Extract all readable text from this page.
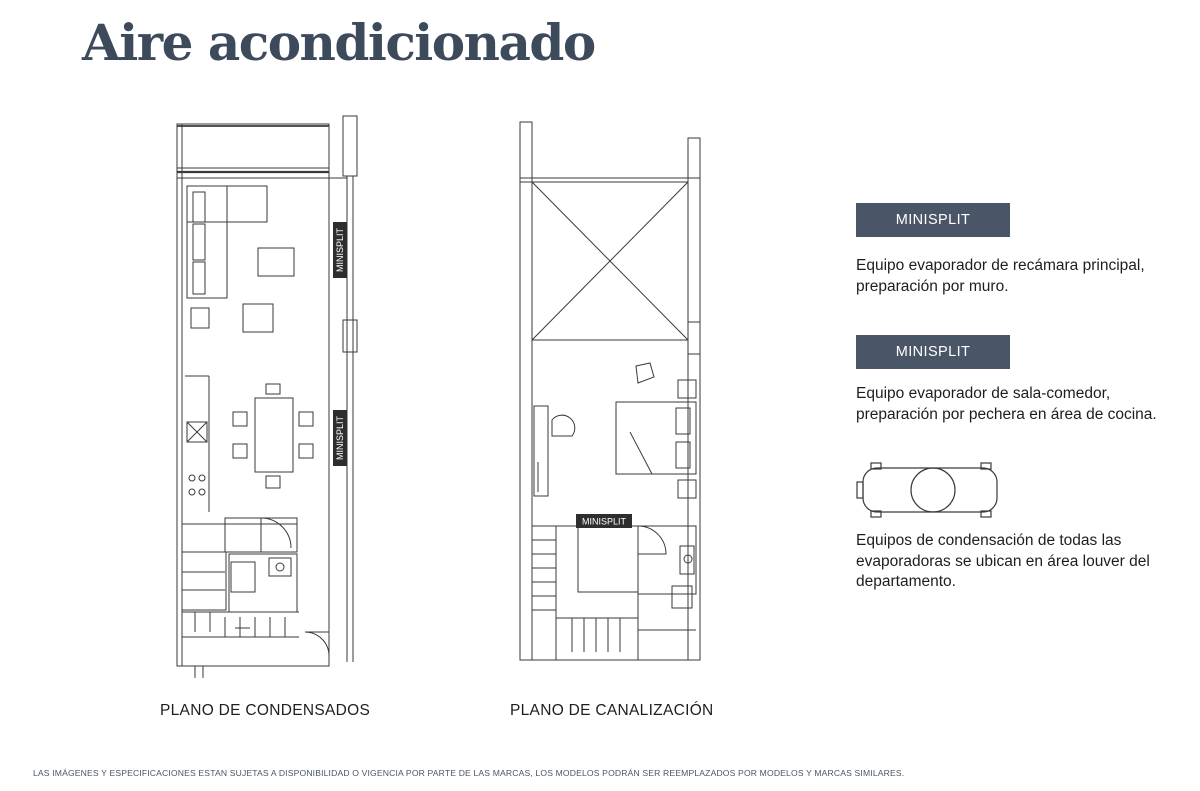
Aire acondicionado
MINISPLIT
MINISPLIT
PLANO DE CONDENSADOS
MINISPLIT
PLANO DE CANALIZACIÓN
MINISPLIT
Equipo evaporador de recámara principal, preparación por muro.
MINISPLIT
Equipo evaporador de sala-comedor, preparación por pechera en área de cocina.
Equipos de condensación de todas las evaporadoras se ubican en área louver del departamento.
LAS IMÁGENES Y ESPECIFICACIONES ESTAN SUJETAS A DISPONIBILIDAD O VIGENCIA POR PARTE DE LAS MARCAS, LOS MODELOS PODRÁN SER REEMPLAZADOS POR MODELOS Y MARCAS SIMILARES.
